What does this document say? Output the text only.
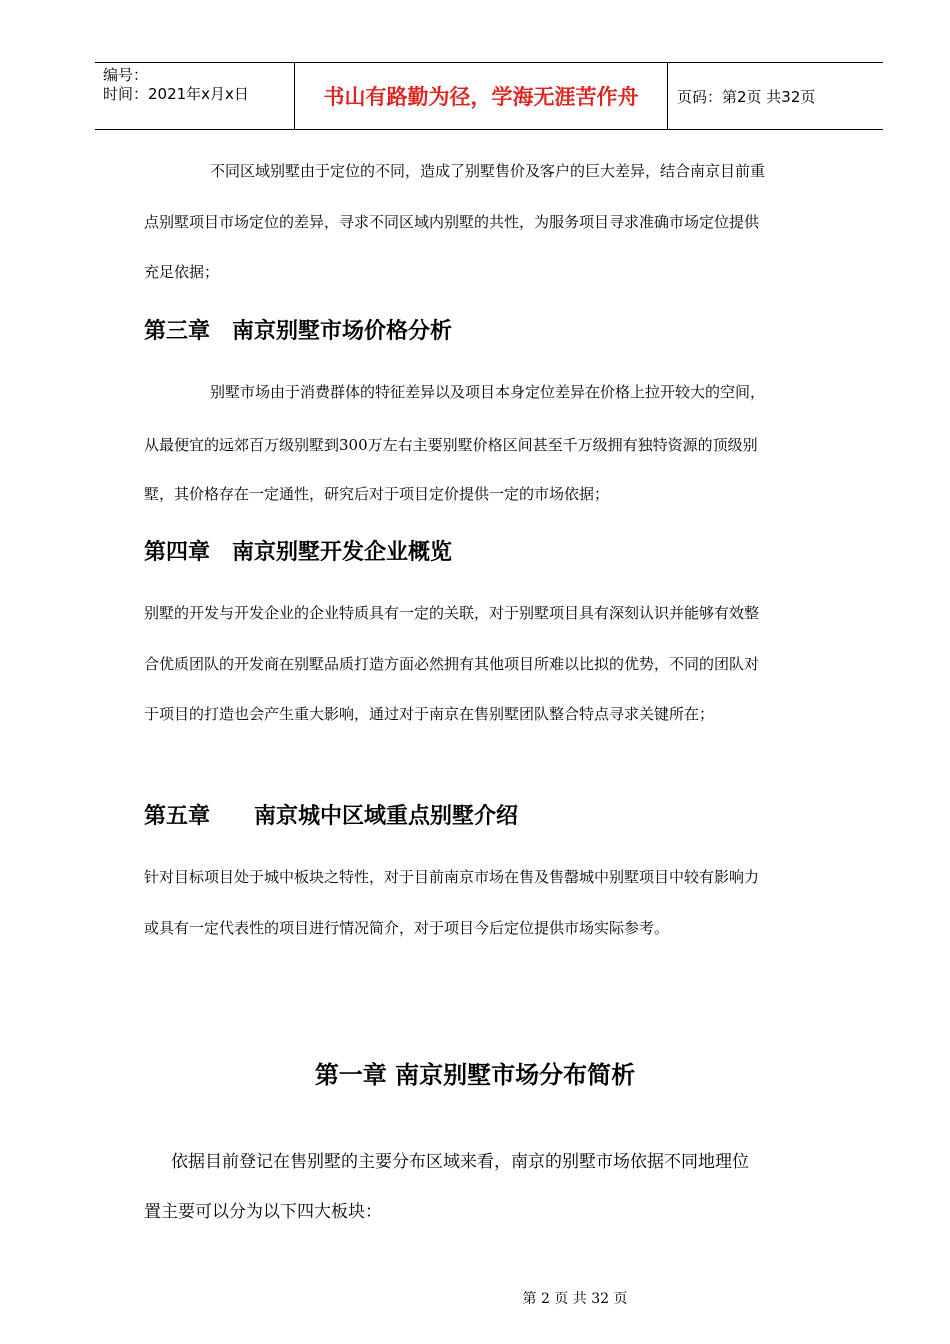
编号：
时间：2021年x月x日	书山有路勤为径，学海无涯苦作舟	页码：第2页 共32页
不同区域别墅由于定位的不同，造成了别墅售价及客户的巨大差异，结合南京目前重
点别墅项目市场定位的差异，寻求不同区域内别墅的共性，为服务项目寻求准确市场定位提供
充足依据；
第三章　南京别墅市场价格分析
别墅市场由于消费群体的特征差异以及项目本身定位差异在价格上拉开较大的空间，
从最便宜的远郊百万级别墅到300万左右主要别墅价格区间甚至千万级拥有独特资源的顶级别
墅，其价格存在一定通性，研究后对于项目定价提供一定的市场依据；
第四章　南京别墅开发企业概览
别墅的开发与开发企业的企业特质具有一定的关联，对于别墅项目具有深刻认识并能够有效整
合优质团队的开发商在别墅品质打造方面必然拥有其他项目所难以比拟的优势，不同的团队对
于项目的打造也会产生重大影响，通过对于南京在售别墅团队整合特点寻求关键所在；
第五章　　南京城中区域重点别墅介绍
针对目标项目处于城中板块之特性，对于目前南京市场在售及售罄城中别墅项目中较有影响力
或具有一定代表性的项目进行情况简介，对于项目今后定位提供市场实际参考。
第一章 南京别墅市场分布简析
依据目前登记在售别墅的主要分布区域来看，南京的别墅市场依据不同地理位
置主要可以分为以下四大板块：
第 2 页 共 32 页
